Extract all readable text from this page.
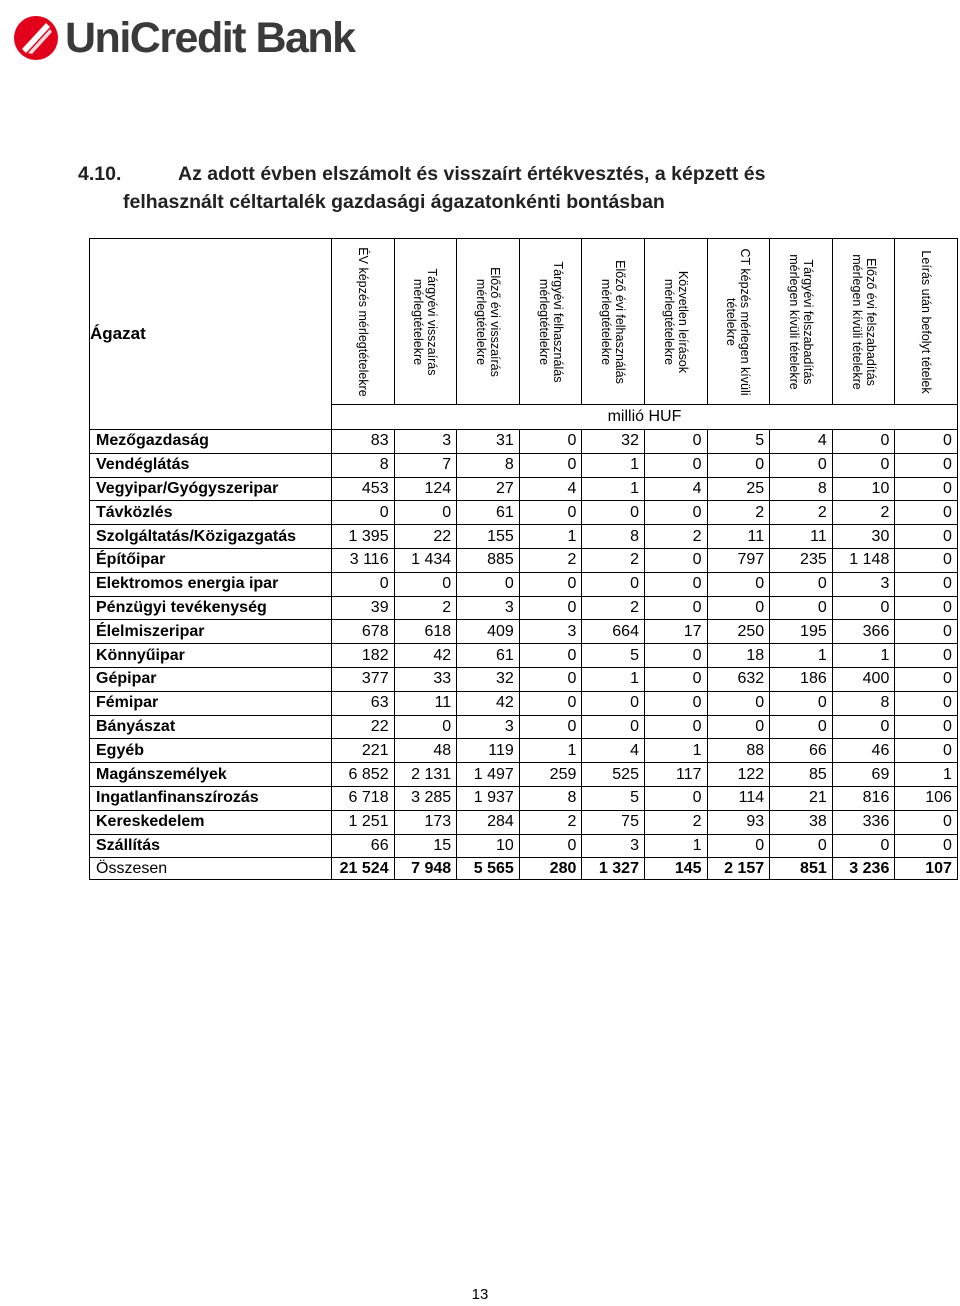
UniCredit Bank
4.10.	Az adott évben elszámolt és visszaírt értékvesztés, a képzett és
felhasznált céltartalék gazdasági ágazatonkénti bontásban
Ágazat	ÉV képzés mérlegtételekre	Tárgyévi visszaírás mérlegtételekre	Előző évi visszaírás mérlegtételekre	Tárgyévi felhasználás mérlegtételekre	Előző évi felhasználás mérlegtételekre	Közvetlen leírások mérlegtételekre	CT képzés mérlegen kívüli tételekre	Tárgyévi felszabadítás mérlegen kívüli tételekre	Előző évi felszabadítás mérlegen kívüli tételekre	Leírás után befolyt tételek

	millió HUF									
Mezőgazdaság	83	3	31	0	32	0	5	4	0	0
Vendéglátás	8	7	8	0	1	0	0	0	0	0
Vegyipar/Gyógyszeripar	453	124	27	4	1	4	25	8	10	0
Távközlés	0	0	61	0	0	0	2	2	2	0
Szolgáltatás/Közigazgatás	1 395	22	155	1	8	2	11	11	30	0
Építőipar	3 116	1 434	885	2	2	0	797	235	1 148	0
Elektromos energia ipar	0	0	0	0	0	0	0	0	3	0
Pénzügyi tevékenység	39	2	3	0	2	0	0	0	0	0
Élelmiszeripar	678	618	409	3	664	17	250	195	366	0
Könnyűipar	182	42	61	0	5	0	18	1	1	0
Gépipar	377	33	32	0	1	0	632	186	400	0
Fémipar	63	11	42	0	0	0	0	0	8	0
Bányászat	22	0	3	0	0	0	0	0	0	0
Egyéb	221	48	119	1	4	1	88	66	46	0
Magánszemélyek	6 852	2 131	1 497	259	525	117	122	85	69	1
Ingatlanfinanszírozás	6 718	3 285	1 937	8	5	0	114	21	816	106
Kereskedelem	1 251	173	284	2	75	2	93	38	336	0
Szállítás	66	15	10	0	3	1	0	0	0	0
Összesen	21 524	7 948	5 565	280	1 327	145	2 157	851	3 236	107
13
